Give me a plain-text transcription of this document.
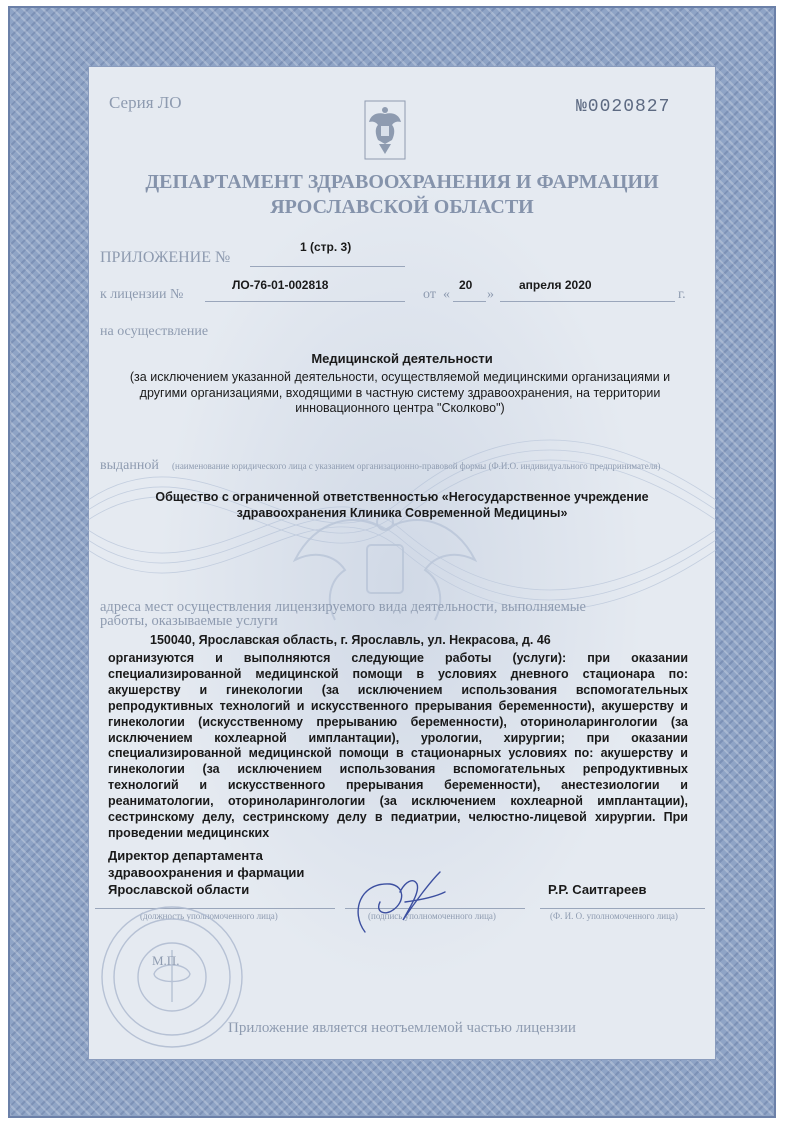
Серия ЛО	№0020827

ДЕПАРТАМЕНТ ЗДРАВООХРАНЕНИЯ И ФАРМАЦИИ

ЯРОСЛАВСКОЙ ОБЛАСТИ

ПРИЛОЖЕНИЕ №

1 (стр. 3)

к лицензии №

ЛО-76-01-002818

от «

20

»

апреля 2020

г.

на осуществление

Медицинской деятельности

(за исключением указанной деятельности, осуществляемой медицинскими организациями и другими организациями, входящими в частную систему здравоохранения, на территории инновационного центра "Сколково")

выданной	(наименование юридического лица с указанием организационно-правовой формы (Ф.И.О. индивидуального предпринимателя)

Общество с ограниченной ответственностью «Негосударственное учреждение

здравоохранения Клиника Современной Медицины»

адреса мест осуществления лицензируемого вида деятельности, выполняемые

работы, оказываемые услуги

150040, Ярославская область, г. Ярославль, ул. Некрасова, д. 46

организуются и выполняются следующие работы (услуги): при оказании специализированной медицинской помощи в условиях дневного стационара по: акушерству и гинекологии (за исключением использования вспомогательных репродуктивных технологий и искусственного прерывания беременности), акушерству и гинекологии (искусственному прерыванию беременности), оториноларингологии (за исключением кохлеарной имплантации), урологии, хирургии; при оказании специализированной медицинской помощи в стационарных условиях по: акушерству и гинекологии (за исключением использования вспомогательных репродуктивных технологий и искусственного прерывания беременности), анестезиологии и реаниматологии, оториноларингологии (за исключением кохлеарной имплантации), сестринскому делу, сестринскому делу в педиатрии, челюстно-лицевой хирургии. При проведении медицинских

Директор департамента

здравоохранения и фармации

Ярославской области	Р.Р. Саитгареев

(должность уполномоченного лица)	(подпись уполномоченного лица)	(Ф. И. О. уполномоченного лица)

М.П.

Приложение является неотъемлемой частью лицензии
